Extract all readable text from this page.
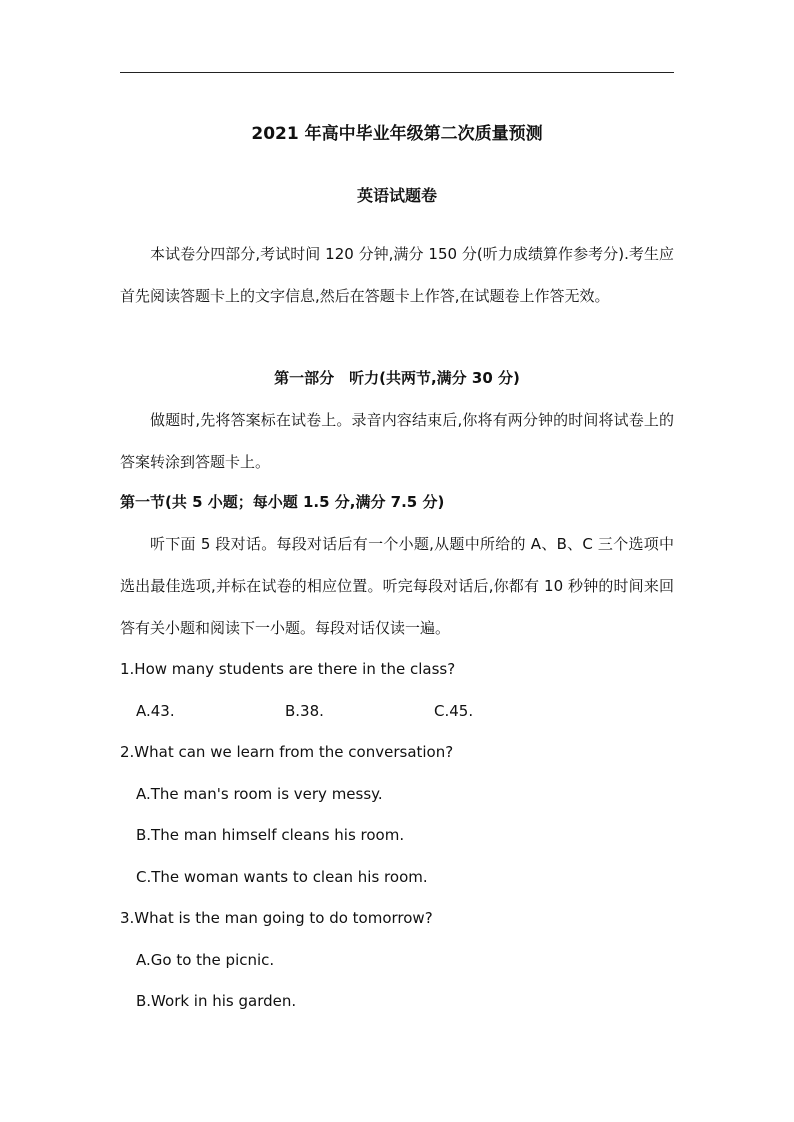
2021 年高中毕业年级第二次质量预测
英语试题卷
本试卷分四部分,考试时间 120 分钟,满分 150 分(听力成绩算作参考分).考生应首先阅读答题卡上的文字信息,然后在答题卡上作答,在试题卷上作答无效。
第一部分　听力(共两节,满分 30 分)
做题时,先将答案标在试卷上。录音内容结束后,你将有两分钟的时间将试卷上的答案转涂到答题卡上。
第一节(共 5 小题；每小题 1.5 分,满分 7.5 分)
听下面 5 段对话。每段对话后有一个小题,从题中所给的 A、B、C 三个选项中选出最佳选项,并标在试卷的相应位置。听完每段对话后,你都有 10 秒钟的时间来回答有关小题和阅读下一小题。每段对话仅读一遍。
1.How many students are there in the class?
A.43.	B.38.	C.45.
2.What can we learn from the conversation?
A.The man's room is very messy.
B.The man himself cleans his room.
C.The woman wants to clean his room.
3.What is the man going to do tomorrow?
A.Go to the picnic.
B.Work in his garden.
